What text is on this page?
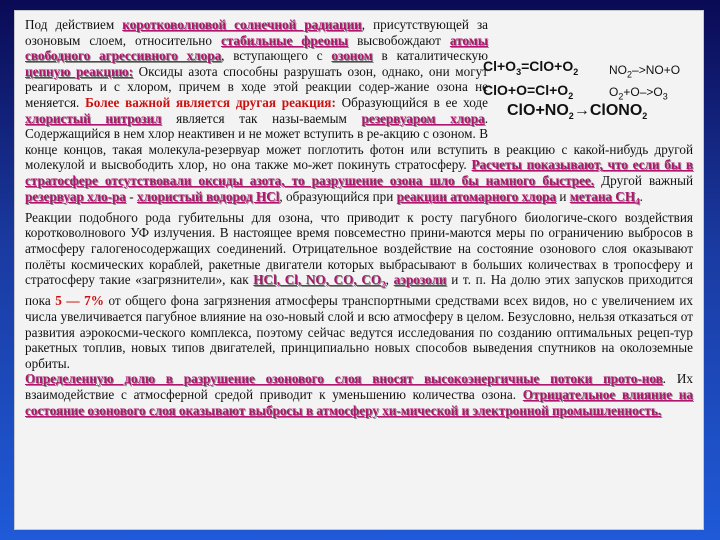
$Cl+O_3=ClO+O_2$
$ClO+O=Cl+O_2$
$NO_2->NO+O$
$O_2+O->O_3$
$ClO+NO_2\to ClONO_2$

Под действием коротковолновой солнечной радиации, присутствующей за озоновым слоем, относительно стабильные фреоны высвобождают атомы свободного агрессивного хлора, вступающего с озоном в каталитическую цепную реакцию: Оксиды азота способны разрушать озон, однако, они могут реагировать и с хлором, причем в ходе этой реакции содер-жание озона не меняется. Более важной является другая реакция: Образующийся в ее ходе хлористый нитрозил является так назы-ваемым резервуаром хлора. Содержащийся в нем хлор неактивен и не может вступить в ре-акцию с озоном. В конце концов, такая молекула-резервуар может поглотить фотон или вступить в реакцию с какой-нибудь другой молекулой и высвободить хлор, но она также мо-жет покинуть стратосферу. Расчеты показывают, что если бы в стратосфере отсутствовали оксиды азота, то разрушение озона шло бы намного быстрее. Другой важный резервуар хло-ра - хлористый водород HCl, образующийся при реакции атомарного хлора и метана $CH_4$.

Реакции подобного рода губительны для озона, что приводит к росту пагубного биологиче-ского воздействия коротковолнового УФ излучения. В настоящее время повсеместно прини-маются меры по ограничению выбросов в атмосферу галогеносодержащих соединений. Отрицательное воздействие на состояние озонового слоя оказывают полёты космических кораблей, ракетные двигатели которых выбрасывают в больших количествах в тропосферу и стратосферу такие «загрязнители», как HCl, Cl, NO, CO, $CO_2$, аэрозоли и т. п. На долю этих запусков приходится пока 5 — 7% от общего фона загрязнения атмосферы транспортными средствами всех видов, но с увеличением их числа увеличивается пагубное влияние на озо-новый слой и всю атмосферу в целом. Безусловно, нельзя отказаться от развития аэрокосми-ческого комплекса, поэтому сейчас ведутся исследования по созданию оптимальных рецеп-тур ракетных топлив, новых типов двигателей, принципиально новых способов выведения спутников на околоземные орбиты.

Определенную долю в разрушение озонового слоя вносят высокоэнергичные потоки прото-нов. Их взаимодействие с атмосферной средой приводит к уменьшению количества озона. Отрицательное влияние на состояние озонового слоя оказывают выбросы в атмосферу хи-мической и электронной промышленность.
